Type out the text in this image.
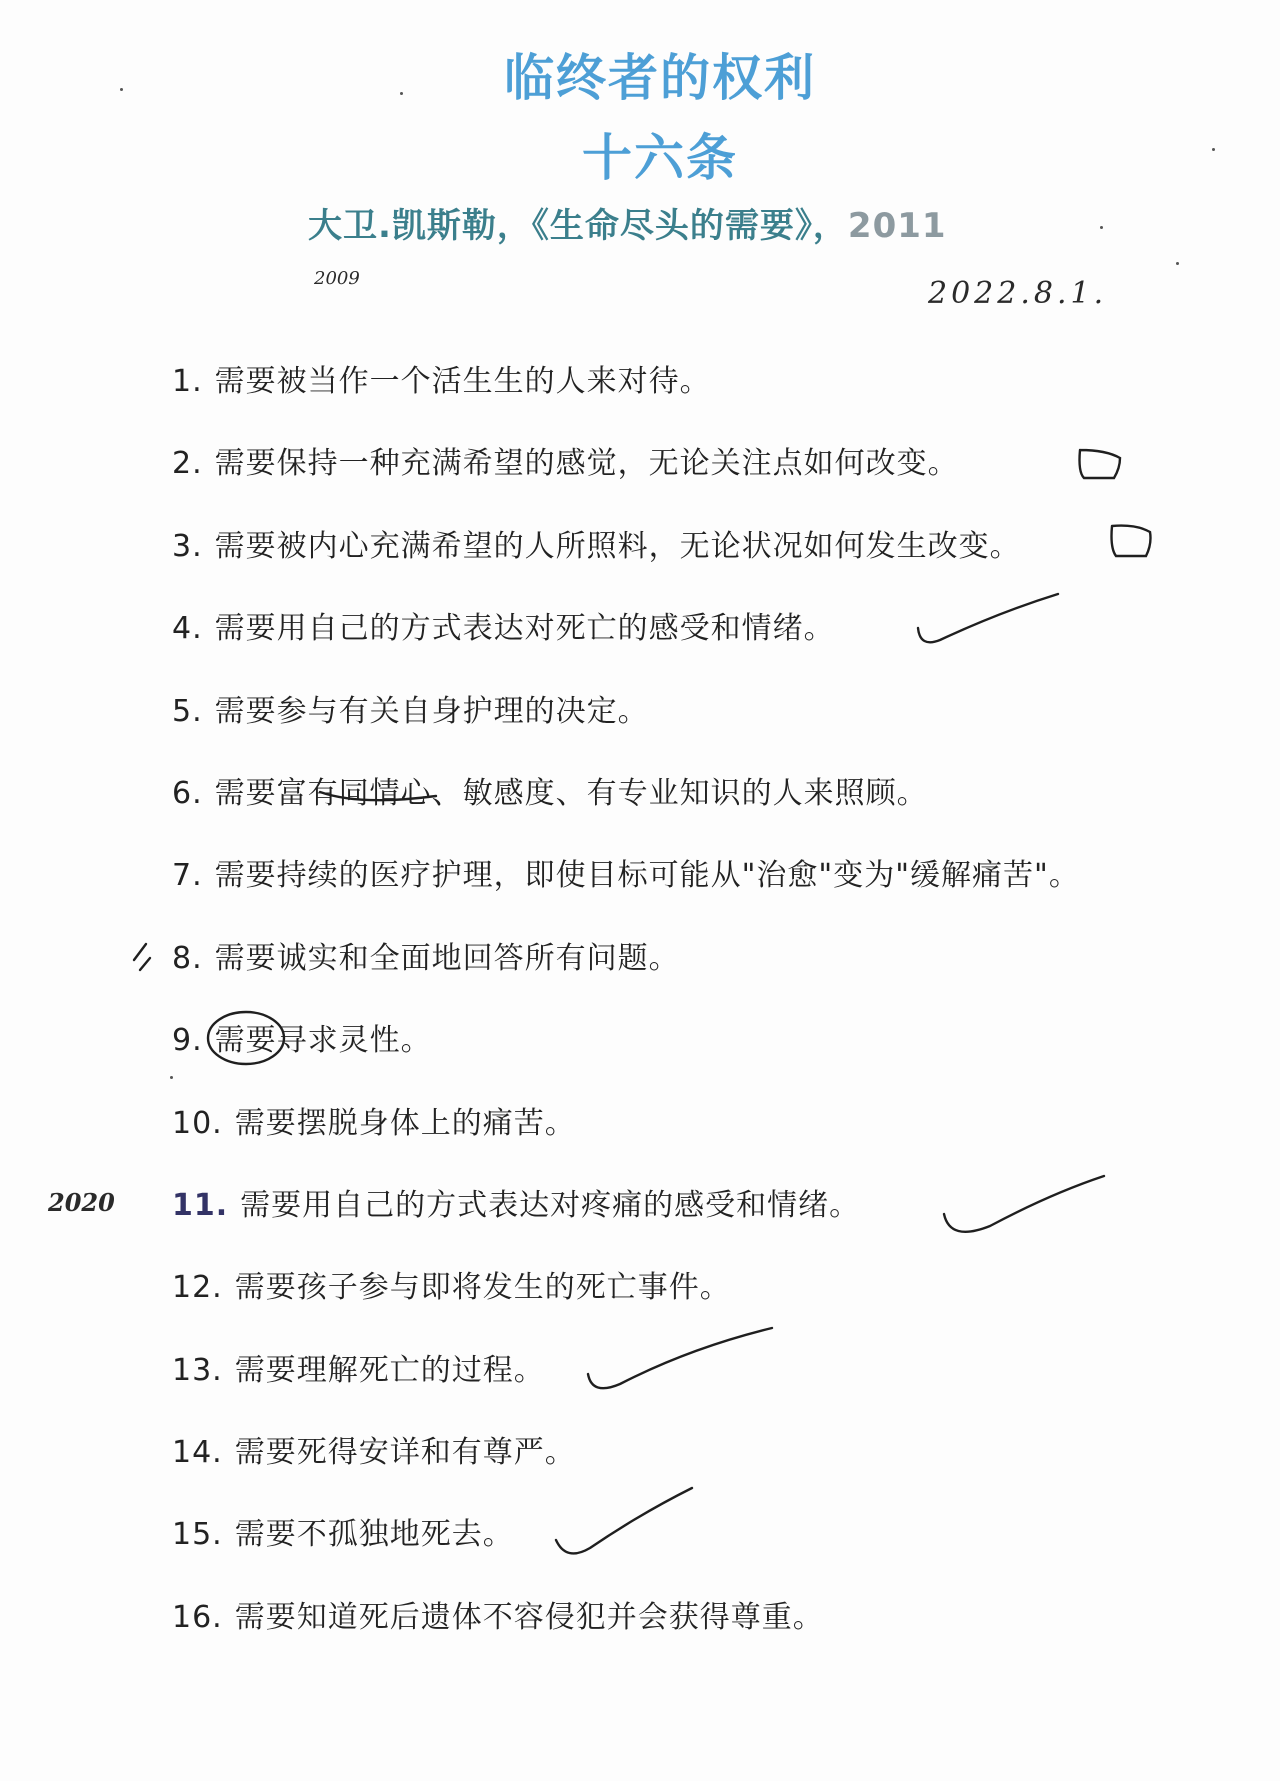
临终者的权利
十六条
大卫.凯斯勒，《生命尽头的需要》，2011
2009	2022.8.1.
2020
1. 需要被当作一个活生生的人来对待。
2. 需要保持一种充满希望的感觉，无论关注点如何改变。
3. 需要被内心充满希望的人所照料，无论状况如何发生改变。
4. 需要用自己的方式表达对死亡的感受和情绪。
5. 需要参与有关自身护理的决定。
6. 需要富有同情心、敏感度、有专业知识的人来照顾。
7. 需要持续的医疗护理，即使目标可能从"治愈"变为"缓解痛苦"。
8. 需要诚实和全面地回答所有问题。
9. 需要寻求灵性。
10. 需要摆脱身体上的痛苦。
11. 需要用自己的方式表达对疼痛的感受和情绪。
12. 需要孩子参与即将发生的死亡事件。
13. 需要理解死亡的过程。
14. 需要死得安详和有尊严。
15. 需要不孤独地死去。
16. 需要知道死后遗体不容侵犯并会获得尊重。
